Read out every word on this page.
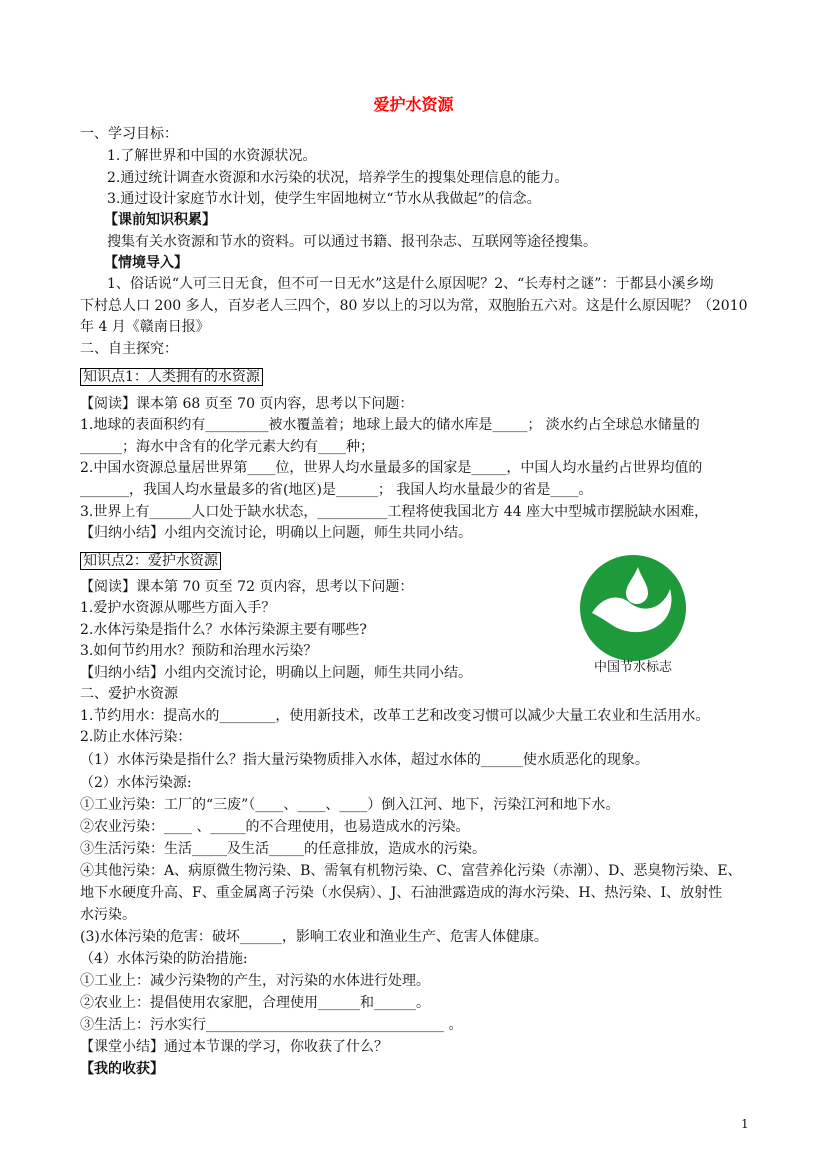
爱护水资源
一、学习目标：
1.了解世界和中国的水资源状况。
2.通过统计调查水资源和水污染的状况，培养学生的搜集处理信息的能力。
3.通过设计家庭节水计划，使学生牢固地树立“节水从我做起”的信念。
【课前知识积累】
搜集有关水资源和节水的资料。可以通过书籍、报刊杂志、互联网等途径搜集。
【情境导入】
1、俗话说“人可三日无食，但不可一日无水”这是什么原因呢？2、“长寿村之谜”：于都县小溪乡坳
下村总人口 200 多人，百岁老人三四个，80 岁以上的习以为常，双胞胎五六对。这是什么原因呢？（2010
年 4 月《赣南日报》
二、自主探究：
知识点1：人类拥有的水资源
【阅读】课本第 68 页至 70 页内容，思考以下问题：
1.地球的表面积约有_________被水覆盖着；地球上最大的储水库是_____； 淡水约占全球总水储量的
______；海水中含有的化学元素大约有____种；
2.中国水资源总量居世界第____位，世界人均水量最多的国家是_____，中国人均水量约占世界均值的
_______，我国人均水量最多的省(地区)是______； 我国人均水量最少的省是____。
3.世界上有______人口处于缺水状态，__________工程将使我国北方 44 座大中型城市摆脱缺水困难，
【归纳小结】小组内交流讨论，明确以上问题，师生共同小结。
知识点2：爱护水资源
【阅读】课本第 70 页至 72 页内容，思考以下问题：
1.爱护水资源从哪些方面入手？
2.水体污染是指什么？水体污染源主要有哪些?
3.如何节约用水？预防和治理水污染？
【归纳小结】小组内交流讨论，明确以上问题，师生共同小结。
二、爱护水资源
1.节约用水：提高水的________，使用新技术，改革工艺和改变习惯可以减少大量工农业和生活用水。
2.防止水体污染：
（1）水体污染是指什么？指大量污染物质排入水体，超过水体的______使水质恶化的现象。
（2）水体污染源:
①工业污染：工厂的“三废”（____、____、____）倒入江河、地下，污染江河和地下水。
②农业污染：____ 、_____的不合理使用，也易造成水的污染。
③生活污染：生活_____及生活_____的任意排放，造成水的污染。
④其他污染：A、病原微生物污染、B、需氧有机物污染、C、富营养化污染（赤潮）、D、恶臭物污染、E、
地下水硬度升高、F、重金属离子污染（水俣病）、J、石油泄露造成的海水污染、H、热污染、I、放射性
水污染。
(3)水体污染的危害：破坏______，影响工农业和渔业生产、危害人体健康。
（4）水体污染的防治措施:
①工业上：减少污染物的产生，对污染的水体进行处理。
②农业上：提倡使用农家肥，合理使用______和______。
③生活上：污水实行__________________________________ 。
【课堂小结】通过本节课的学习，你收获了什么？
【我的收获】
中国节水标志
1
